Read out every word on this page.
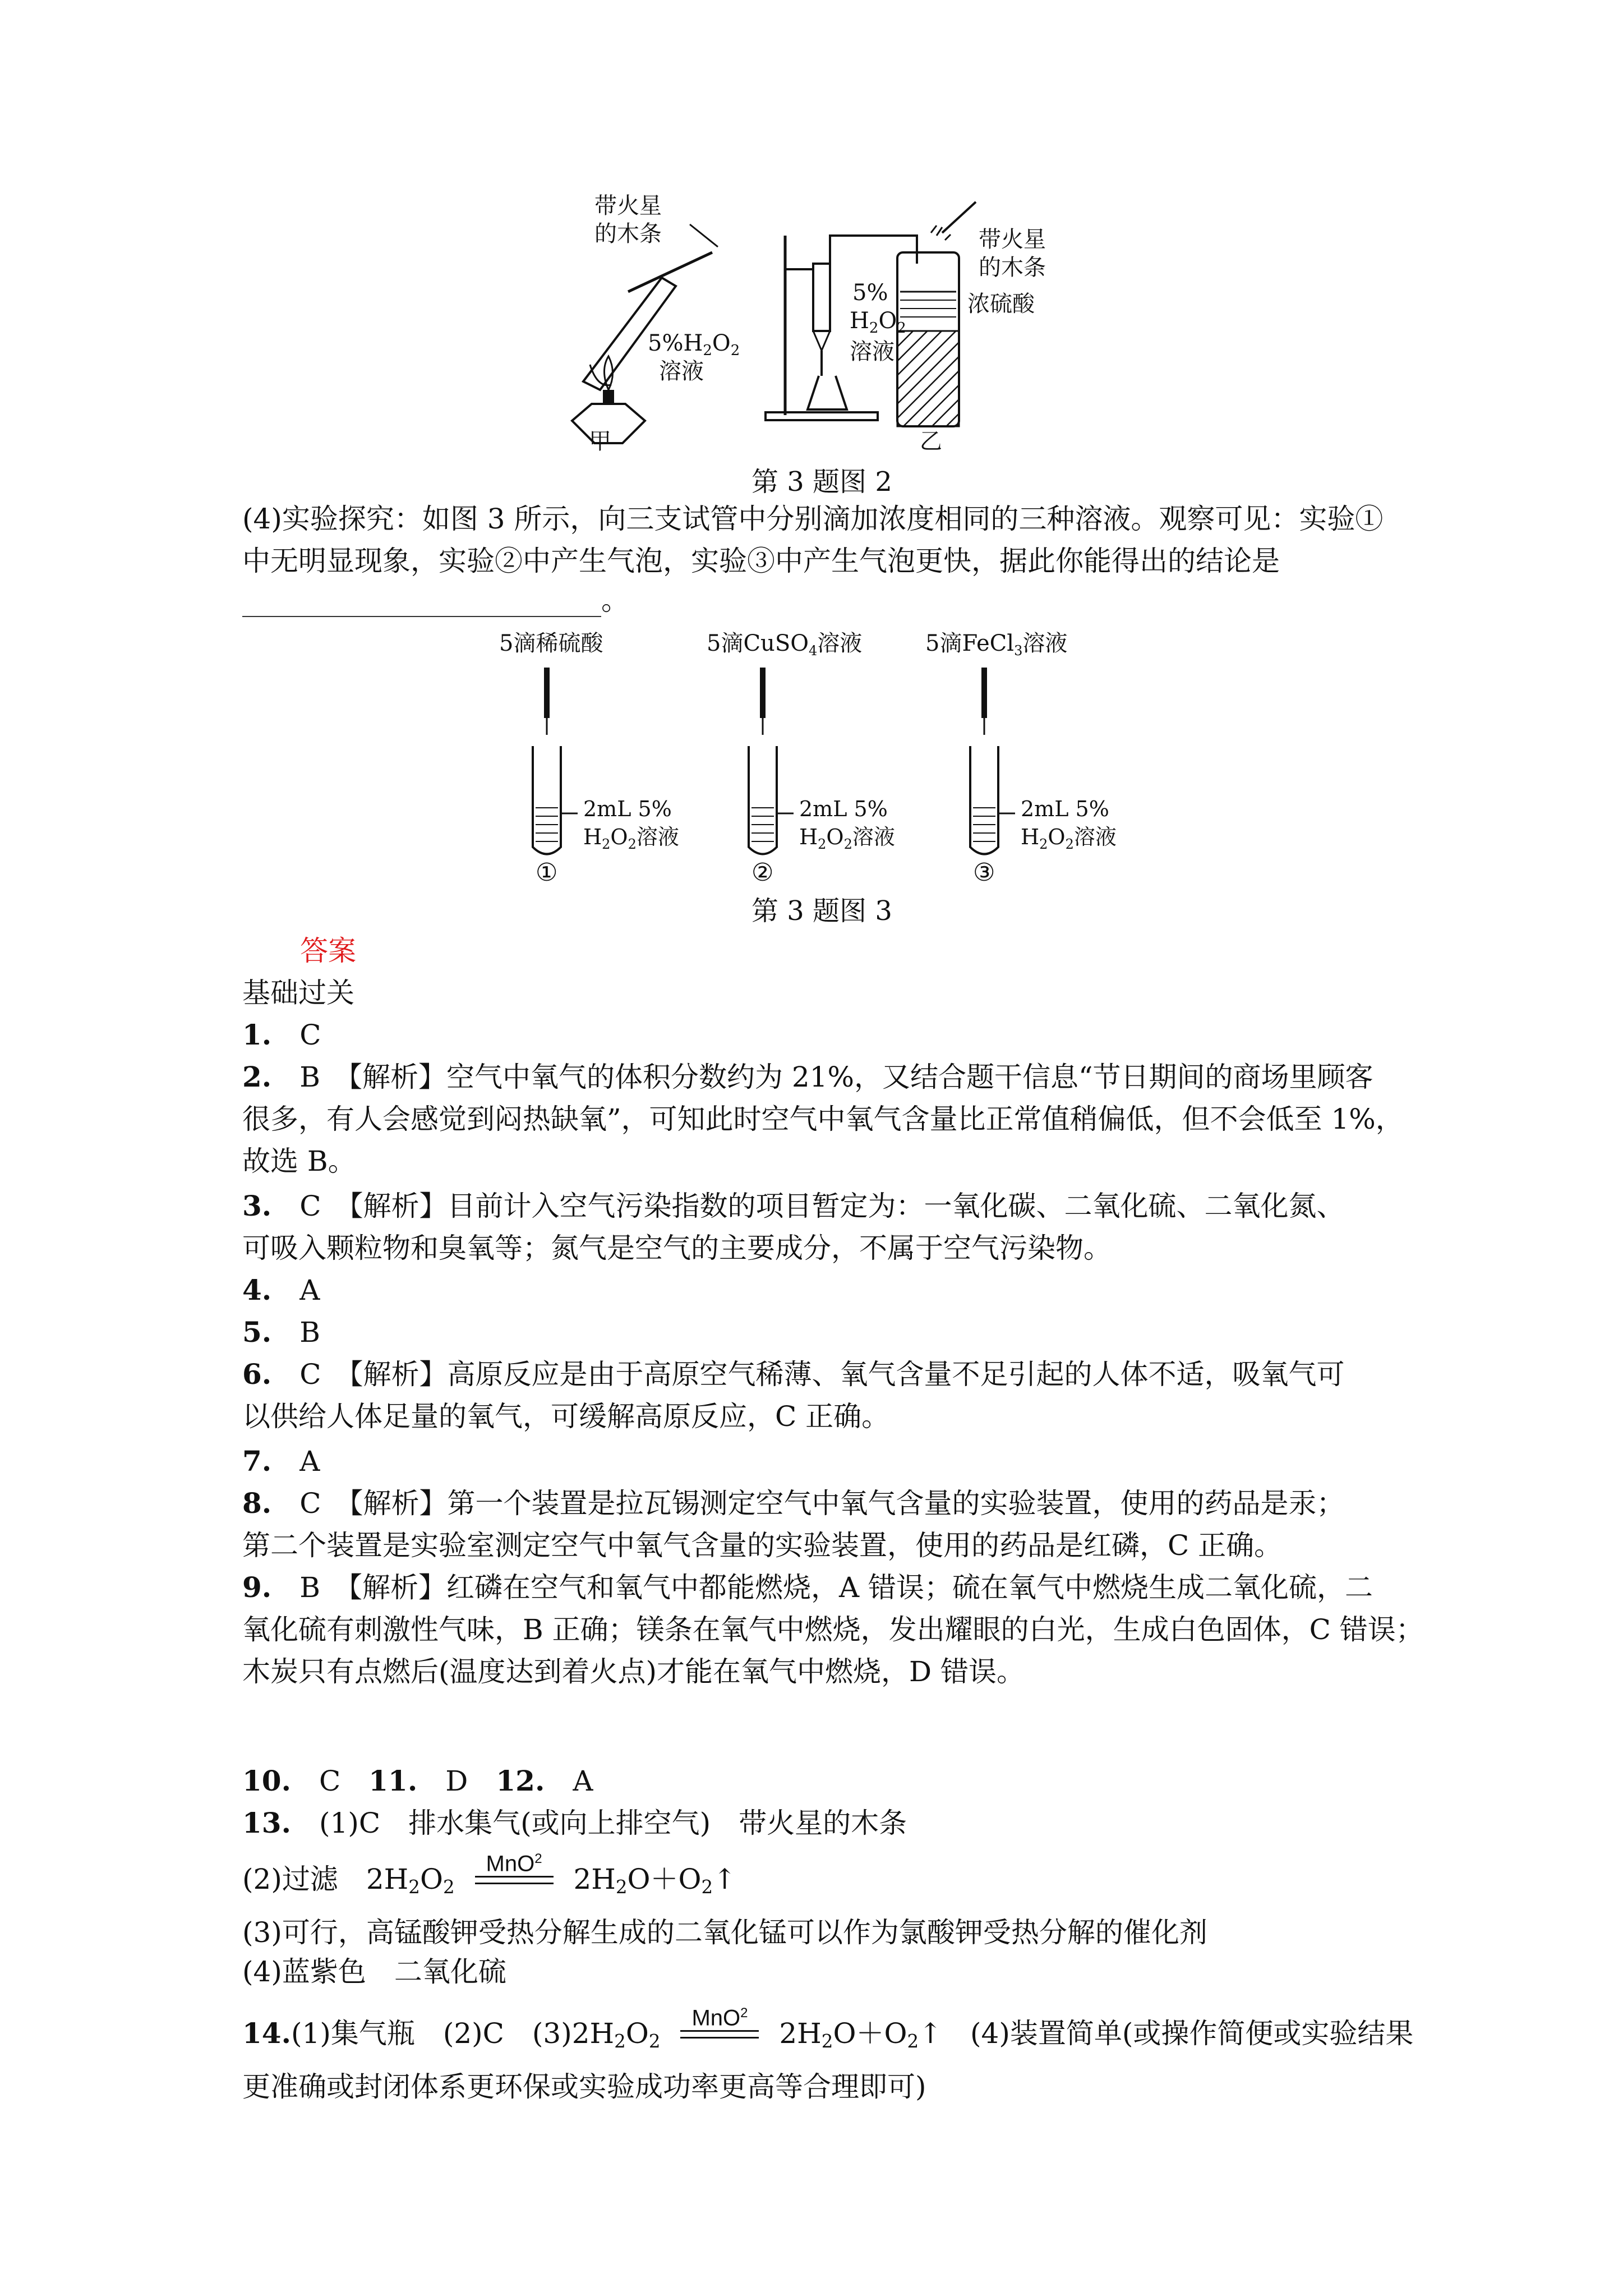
带火星
的木条
$5\%H_2O_2$
溶液
甲
5%
$H_2O_2$
溶液
带火星
的木条
浓硫酸
乙
第 3 题图 2
(4)实验探究：如图 3 所示，向三支试管中分别滴加浓度相同的三种溶液。观察可见：实验①
中无明显现象，实验②中产生气泡，实验③中产生气泡更快，据此你能得出的结论是
。
5滴稀硫酸
2mL 5%
$H_2O_2$溶液
①
5滴CuSO$_4$溶液
2mL 5%
$H_2O_2$溶液
②
5滴FeCl$_3$溶液
2mL 5%
$H_2O_2$溶液
③
第 3 题图 3
答案
基础过关
1.　 C
2.　 B　【解析】空气中氧气的体积分数约为 21%，又结合题干信息“节日期间的商场里顾客
很多，有人会感觉到闷热缺氧”，可知此时空气中氧气含量比正常值稍偏低，但不会低至 1%，
故选 B。
3.　 C　【解析】目前计入空气污染指数的项目暂定为：一氧化碳、二氧化硫、二氧化氮、
可吸入颗粒物和臭氧等；氮气是空气的主要成分，不属于空气污染物。
4.　 A
5.　 B
6.　 C　【解析】高原反应是由于高原空气稀薄、氧气含量不足引起的人体不适，吸氧气可
以供给人体足量的氧气，可缓解高原反应，C 正确。
7.　 A
8.　 C　【解析】第一个装置是拉瓦锡测定空气中氧气含量的实验装置，使用的药品是汞；
第二个装置是实验室测定空气中氧气含量的实验装置，使用的药品是红磷，C 正确。
9.　 B　【解析】红磷在空气和氧气中都能燃烧，A 错误；硫在氧气中燃烧生成二氧化硫，二
氧化硫有刺激性气味，B 正确；镁条在氧气中燃烧，发出耀眼的白光，生成白色固体，C 错误；
木炭只有点燃后(温度达到着火点)才能在氧气中燃烧，D 错误。
10.　 C　 11.　 D　 12.　 A
13.　 (1)C　排水集气(或向上排空气)　带火星的木条
(2)过滤　$2H_2O_2$
MnO$^2$
$2H_2O+O_2↑$
(3)可行，高锰酸钾受热分解生成的二氧化锰可以作为氯酸钾受热分解的催化剂
(4)蓝紫色　二氧化硫
14.(1)集气瓶　(2)C　$(3)2H_2O_2$
MnO$^2$
$2H_2O+O_2↑$　 (4)装置简单(或操作简便或实验结果
更准确或封闭体系更环保或实验成功率更高等合理即可)
